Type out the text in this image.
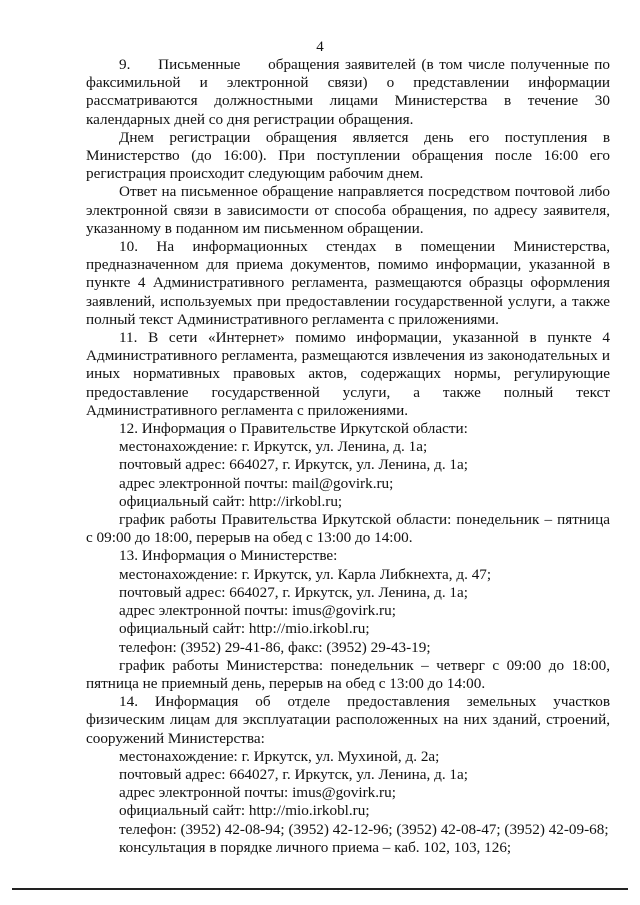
4

9.     Письменные     обращения заявителей (в том числе полученные по факсимильной и электронной связи) о представлении информации рассматриваются должностными лицами Министерства в течение 30 календарных дней со дня регистрации обращения.

Днем регистрации обращения является день его поступления в Министерство (до 16:00). При поступлении обращения после 16:00 его регистрация происходит следующим рабочим днем.

Ответ на письменное обращение направляется посредством почтовой либо электронной связи в зависимости от способа обращения, по адресу заявителя, указанному в поданном им письменном обращении.

10. На информационных стендах в помещении Министерства, предназначенном для приема документов, помимо информации, указанной в пункте 4 Административного регламента, размещаются образцы оформления заявлений, используемых при предоставлении государственной услуги, а также полный текст Административного регламента с приложениями.

11. В сети «Интернет» помимо информации, указанной в пункте 4 Административного регламента, размещаются извлечения из законодательных и иных нормативных правовых актов, содержащих нормы, регулирующие предоставление государственной услуги, а также полный текст Административного регламента с приложениями.

12. Информация о Правительстве Иркутской области:

местонахождение: г. Иркутск, ул. Ленина, д. 1а;

почтовый адрес: 664027, г. Иркутск, ул. Ленина, д. 1а;

адрес электронной почты: mail@govirk.ru;

официальный сайт: http://irkobl.ru;

график работы Правительства Иркутской области: понедельник – пятница с 09:00 до 18:00, перерыв на обед с 13:00 до 14:00.

13. Информация о Министерстве:

местонахождение: г. Иркутск, ул. Карла Либкнехта, д. 47;

почтовый адрес: 664027, г. Иркутск, ул. Ленина, д. 1а;

адрес электронной почты: imus@govirk.ru;

официальный сайт: http://mio.irkobl.ru;

телефон: (3952) 29-41-86, факс: (3952) 29-43-19;

график работы Министерства: понедельник – четверг с 09:00 до 18:00, пятница не приемный день, перерыв на обед с 13:00 до 14:00.

14. Информация об отделе предоставления земельных участков физическим лицам для эксплуатации расположенных на них зданий, строений, сооружений Министерства:

местонахождение: г. Иркутск, ул. Мухиной, д. 2а;

почтовый адрес: 664027, г. Иркутск, ул. Ленина, д. 1а;

адрес электронной почты: imus@govirk.ru;

официальный сайт: http://mio.irkobl.ru;

телефон: (3952) 42-08-94; (3952) 42-12-96; (3952) 42-08-47; (3952) 42-09-68;

консультация в порядке личного приема – каб. 102, 103, 126;
